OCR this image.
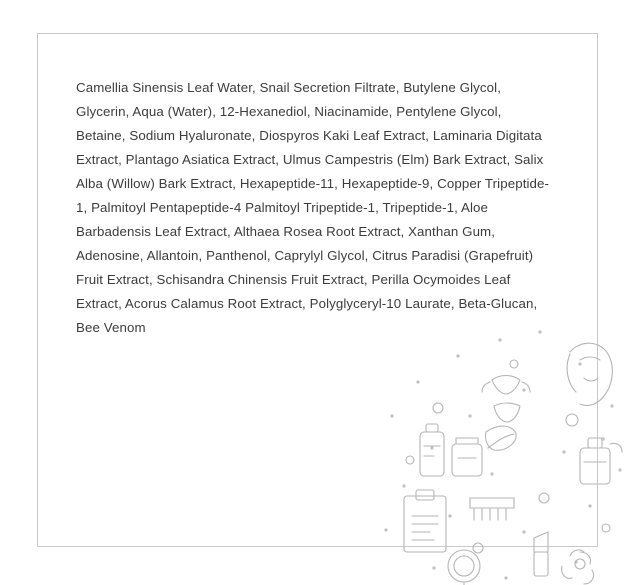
Camellia Sinensis Leaf Water, Snail Secretion Filtrate, Butylene Glycol, Glycerin, Aqua (Water), 12-Hexanediol, Niacinamide, Pentylene Glycol, Betaine, Sodium Hyaluronate, Diospyros Kaki Leaf Extract, Laminaria Digitata Extract, Plantago Asiatica Extract, Ulmus Campestris (Elm) Bark Extract, Salix Alba (Willow) Bark Extract, Hexapeptide-11, Hexapeptide-9, Copper Tripeptide-1, Palmitoyl Pentapeptide-4 Palmitoyl Tripeptide-1, Tripeptide-1, Aloe Barbadensis Leaf Extract, Althaea Rosea Root Extract, Xanthan Gum, Adenosine, Allantoin, Panthenol, Caprylyl Glycol, Citrus Paradisi (Grapefruit) Fruit Extract, Schisandra Chinensis Fruit Extract, Perilla Ocymoides Leaf Extract, Acorus Calamus Root Extract, Polyglyceryl-10 Laurate, Beta-Glucan, Bee Venom
